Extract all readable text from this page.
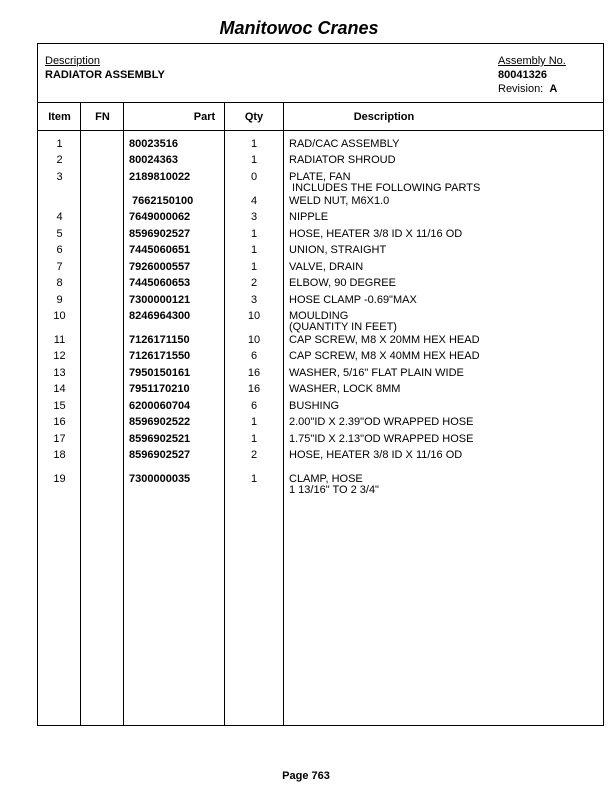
Manitowoc Cranes
Description
RADIATOR ASSEMBLY
Assembly No.
80041326
Revision: A
Item	FN	Part	Qty	Description
1	80023516	1	RAD/CAC ASSEMBLY
2	80024363	1	RADIATOR SHROUD
3	2189810022	0	PLATE, FAN
INCLUDES THE FOLLOWING PARTS
7662150100	4	WELD NUT, M6X1.0
4	7649000062	3	NIPPLE
5	8596902527	1	HOSE, HEATER 3/8 ID X 11/16 OD
6	7445060651	1	UNION, STRAIGHT
7	7926000557	1	VALVE, DRAIN
8	7445060653	2	ELBOW, 90 DEGREE
9	7300000121	3	HOSE CLAMP -0.69"MAX
10	8246964300	10	MOULDING
(QUANTITY IN FEET)
11	7126171150	10	CAP SCREW, M8 X 20MM HEX HEAD
12	7126171550	6	CAP SCREW, M8 X 40MM HEX HEAD
13	7950150161	16	WASHER, 5/16" FLAT PLAIN WIDE
14	7951170210	16	WASHER, LOCK 8MM
15	6200060704	6	BUSHING
16	8596902522	1	2.00"ID X 2.39"OD WRAPPED HOSE
17	8596902521	1	1.75"ID X 2.13"OD WRAPPED HOSE
18	8596902527	2	HOSE, HEATER 3/8 ID X 11/16 OD
19	7300000035	1	CLAMP, HOSE
1 13/16" TO 2 3/4"
Page 763
